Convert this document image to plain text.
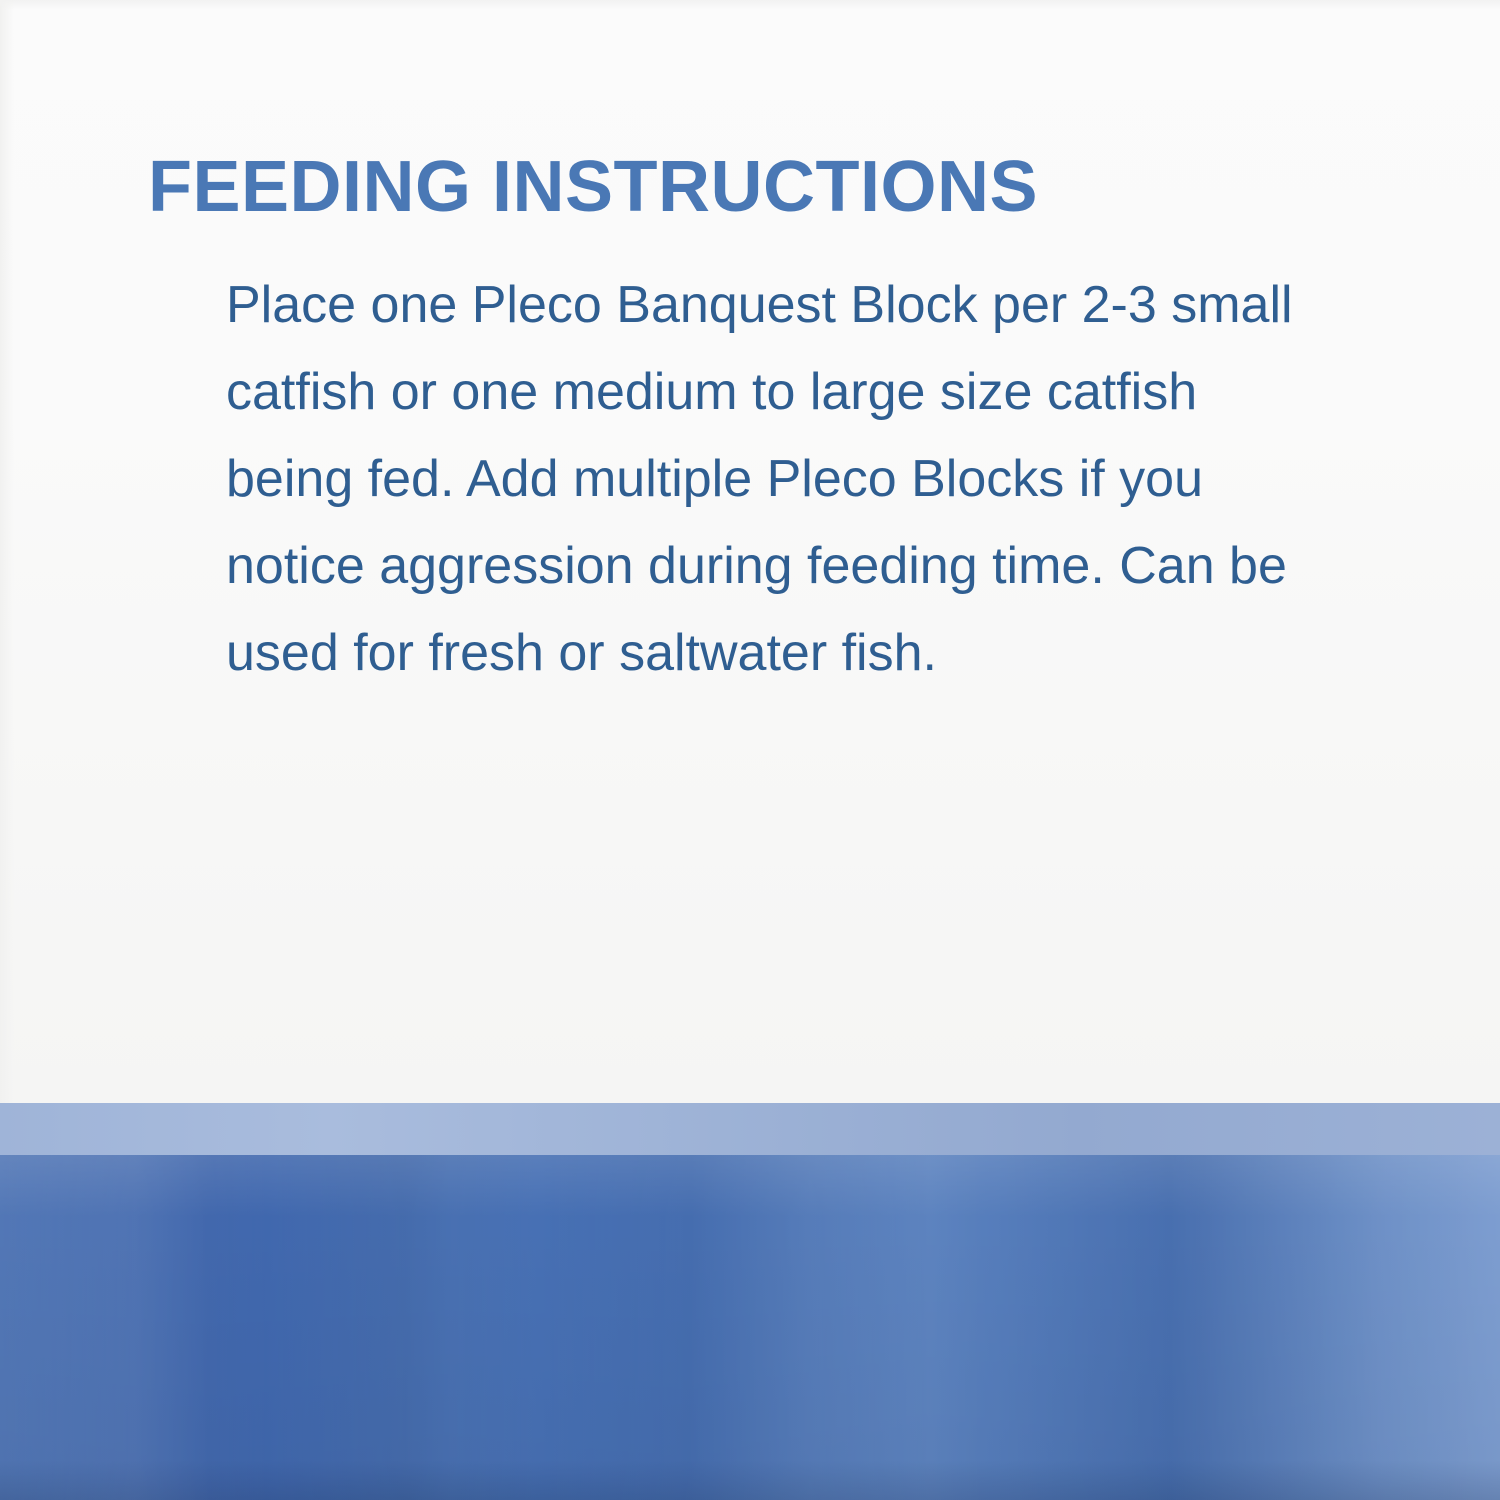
FEEDING INSTRUCTIONS

Place one Pleco Banquest Block per 2-3 small catfish or one medium to large size catfish being fed. Add multiple Pleco Blocks if you notice aggression during feeding time. Can be used for fresh or saltwater fish.
